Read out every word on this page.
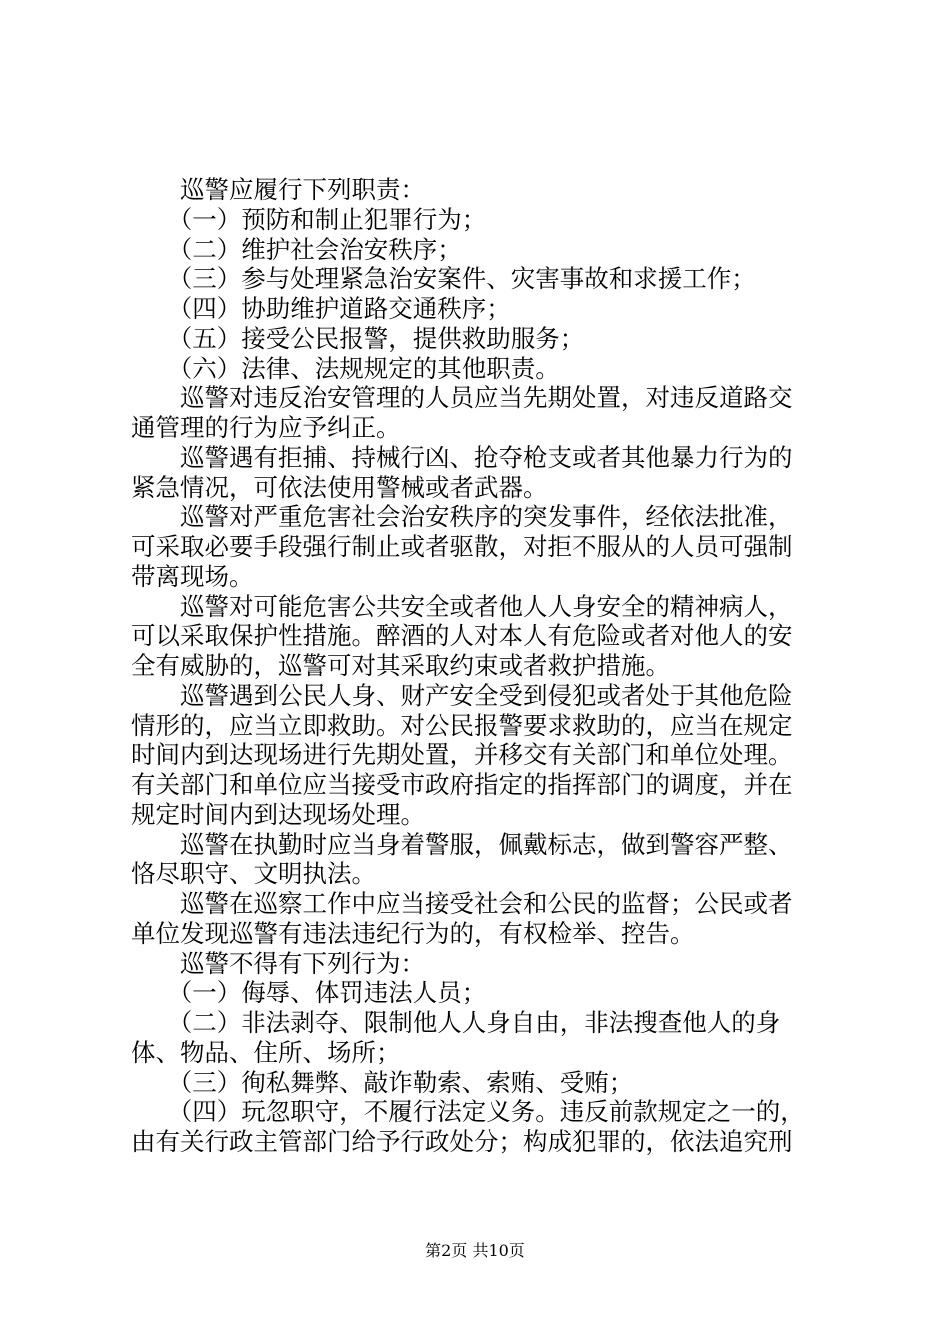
　　巡警应履行下列职责：
　　（一）预防和制止犯罪行为；
　　（二）维护社会治安秩序；
　　（三）参与处理紧急治安案件、灾害事故和求援工作；
　　（四）协助维护道路交通秩序；
　　（五）接受公民报警，提供救助服务；
　　（六）法律、法规规定的其他职责。
　　巡警对违反治安管理的人员应当先期处置，对违反道路交
通管理的行为应予纠正。
　　巡警遇有拒捕、持械行凶、抢夺枪支或者其他暴力行为的
紧急情况，可依法使用警械或者武器。
　　巡警对严重危害社会治安秩序的突发事件，经依法批准，
可采取必要手段强行制止或者驱散，对拒不服从的人员可强制
带离现场。
　　巡警对可能危害公共安全或者他人人身安全的精神病人，
可以采取保护性措施。醉酒的人对本人有危险或者对他人的安
全有威胁的，巡警可对其采取约束或者救护措施。
　　巡警遇到公民人身、财产安全受到侵犯或者处于其他危险
情形的，应当立即救助。对公民报警要求救助的，应当在规定
时间内到达现场进行先期处置，并移交有关部门和单位处理。
有关部门和单位应当接受市政府指定的指挥部门的调度，并在
规定时间内到达现场处理。
　　巡警在执勤时应当身着警服，佩戴标志，做到警容严整、
恪尽职守、文明执法。
　　巡警在巡察工作中应当接受社会和公民的监督；公民或者
单位发现巡警有违法违纪行为的，有权检举、控告。
　　巡警不得有下列行为：
　　（一）侮辱、体罚违法人员；
　　（二）非法剥夺、限制他人人身自由，非法搜查他人的身
体、物品、住所、场所；
　　（三）徇私舞弊、敲诈勒索、索贿、受贿；
　　（四）玩忽职守，不履行法定义务。违反前款规定之一的，
由有关行政主管部门给予行政处分；构成犯罪的，依法追究刑
第2页 共10页
